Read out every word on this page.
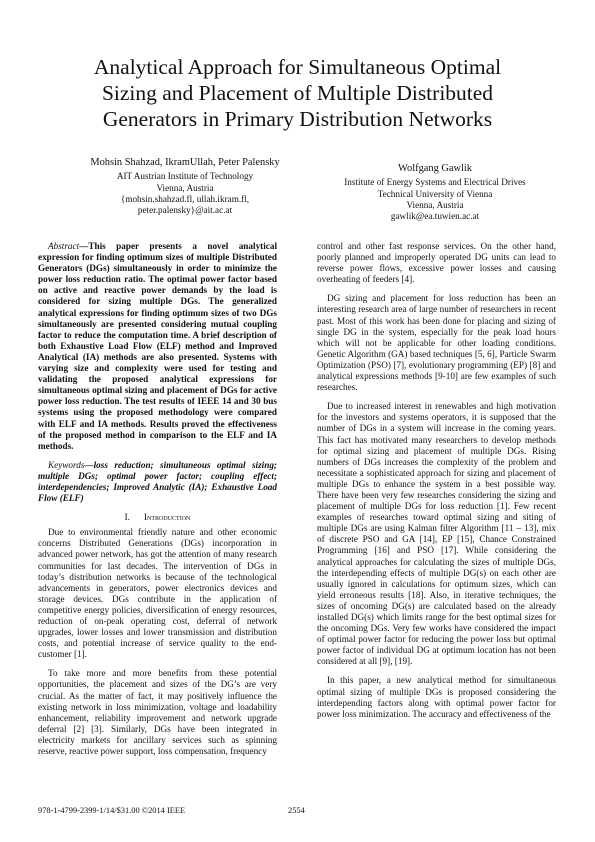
Analytical Approach for Simultaneous Optimal
Sizing and Placement of Multiple Distributed
Generators in Primary Distribution Networks
Mohsin Shahzad, IkramUllah, Peter Palensky
AIT Austrian Institute of Technology
Vienna, Austria
{mohsin.shahzad.fl, ullah.ikram.fl,
peter.palensky}@ait.ac.at
Wolfgang Gawlik
Institute of Energy Systems and Electrical Drives
Technical University of Vienna
Vienna, Austria
gawlik@ea.tuwien.ac.at

Abstract—This paper presents a novel analytical expression for finding optimum sizes of multiple Distributed Generators (DGs) simultaneously in order to minimize the power loss reduction ratio. The optimal power factor based on active and reactive power demands by the load is considered for sizing multiple DGs. The generalized analytical expressions for finding optimum sizes of two DGs simultaneously are presented considering mutual coupling factor to reduce the computation time. A brief description of both Exhaustive Load Flow (ELF) method and Improved Analytical (IA) methods are also presented. Systems with varying size and complexity were used for testing and validating the proposed analytical expressions for simultaneous optimal sizing and placement of DGs for active power loss reduction. The test results of IEEE 14 and 30 bus systems using the proposed methodology were compared with ELF and IA methods. Results proved the effectiveness of the proposed method in comparison to the ELF and IA methods.

Keywords—loss reduction; simultaneous optimal sizing; multiple DGs; optimal power factor; coupling effect; interdependencies; Improved Analytic (IA); Exhaustive Load Flow (ELF)

I. Introduction

Due to environmental friendly nature and other economic concerns Distributed Generations (DGs) incorporation in advanced power network, has got the attention of many research communities for last decades. The intervention of DGs in today’s distribution networks is because of the technological advancements in generators, power electronics devices and storage devices. DGs contribute in the application of competitive energy policies, diversification of energy resources, reduction of on-peak operating cost, deferral of network upgrades, lower losses and lower transmission and distribution costs, and potential increase of service quality to the end-customer [1].

To take more and more benefits from these potential opportunities, the placement and sizes of the DG’s are very crucial. As the matter of fact, it may positively influence the existing network in loss minimization, voltage and loadability enhancement, reliability improvement and network upgrade deferral [2] [3]. Similarly, DGs have been integrated in electricity markets for ancillary services such as spinning reserve, reactive power support, loss compensation, frequency

control and other fast response services. On the other hand, poorly planned and improperly operated DG units can lead to reverse power flows, excessive power losses and causing overheating of feeders [4].

DG sizing and placement for loss reduction has been an interesting research area of large number of researchers in recent past. Most of this work has been done for placing and sizing of single DG in the system, especially for the peak load hours which will not be applicable for other loading conditions. Genetic Algorithm (GA) based techniques [5, 6], Particle Swarm Optimization (PSO) [7], evolutionary programming (EP) [8] and analytical expressions methods [9-10] are few examples of such researches.

Due to increased interest in renewables and high motivation for the investors and systems operators, it is supposed that the number of DGs in a system will increase in the coming years. This fact has motivated many researchers to develop methods for optimal sizing and placement of multiple DGs. Rising numbers of DGs increases the complexity of the problem and necessitate a sophisticated approach for sizing and placement of multiple DGs to enhance the system in a best possible way. There have been very few researches considering the sizing and placement of multiple DGs for loss reduction [1]. Few recent examples of researches toward optimal sizing and siting of multiple DGs are using Kalman filter Algorithm [11 – 13], mix of discrete PSO and GA [14], EP [15], Chance Constrained Programming [16] and PSO [17]. While considering the analytical approaches for calculating the sizes of multiple DGs, the interdepending effects of multiple DG(s) on each other are usually ignored in calculations for optimum sizes, which can yield erroneous results [18]. Also, in iterative techniques, the sizes of oncoming DG(s) are calculated based on the already installed DG(s) which limits range for the best optimal sizes for the oncoming DGs. Very few works have considered the impact of optimal power factor for reducing the power loss but optimal power factor of individual DG at optimum location has not been considered at all [9], [19].

In this paper, a new analytical method for simultaneous optimal sizing of multiple DGs is proposed considering the interdepending factors along with optimal power factor for power loss minimization. The accuracy and effectiveness of the

978-1-4799-2399-1/14/$31.00 ©2014 IEEE	2554
